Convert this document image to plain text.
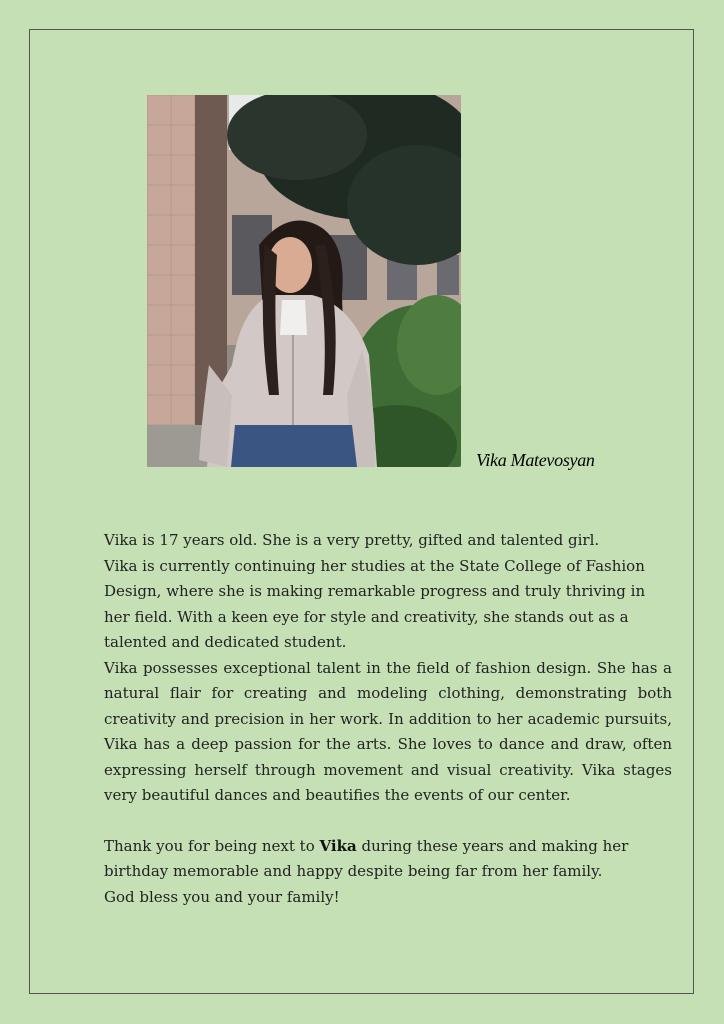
Vika Matevosyan

Vika is 17 years old. She is a very pretty, gifted and talented girl.

Vika is currently continuing her studies at the State College of Fashion Design, where she is making remarkable progress and truly thriving in her field. With a keen eye for style and creativity, she stands out as a talented and dedicated student.

Vika possesses exceptional talent in the field of fashion design. She has a natural flair for creating and modeling clothing, demonstrating both creativity and precision in her work. In addition to her academic pursuits, Vika has a deep passion for the arts. She loves to dance and draw, often expressing herself through movement and visual creativity. Vika stages very beautiful dances and beautifies the events of our center.

Thank you for being next to Vika during these years and making her birthday memorable and happy despite being far from her family.

God bless you and your family!
